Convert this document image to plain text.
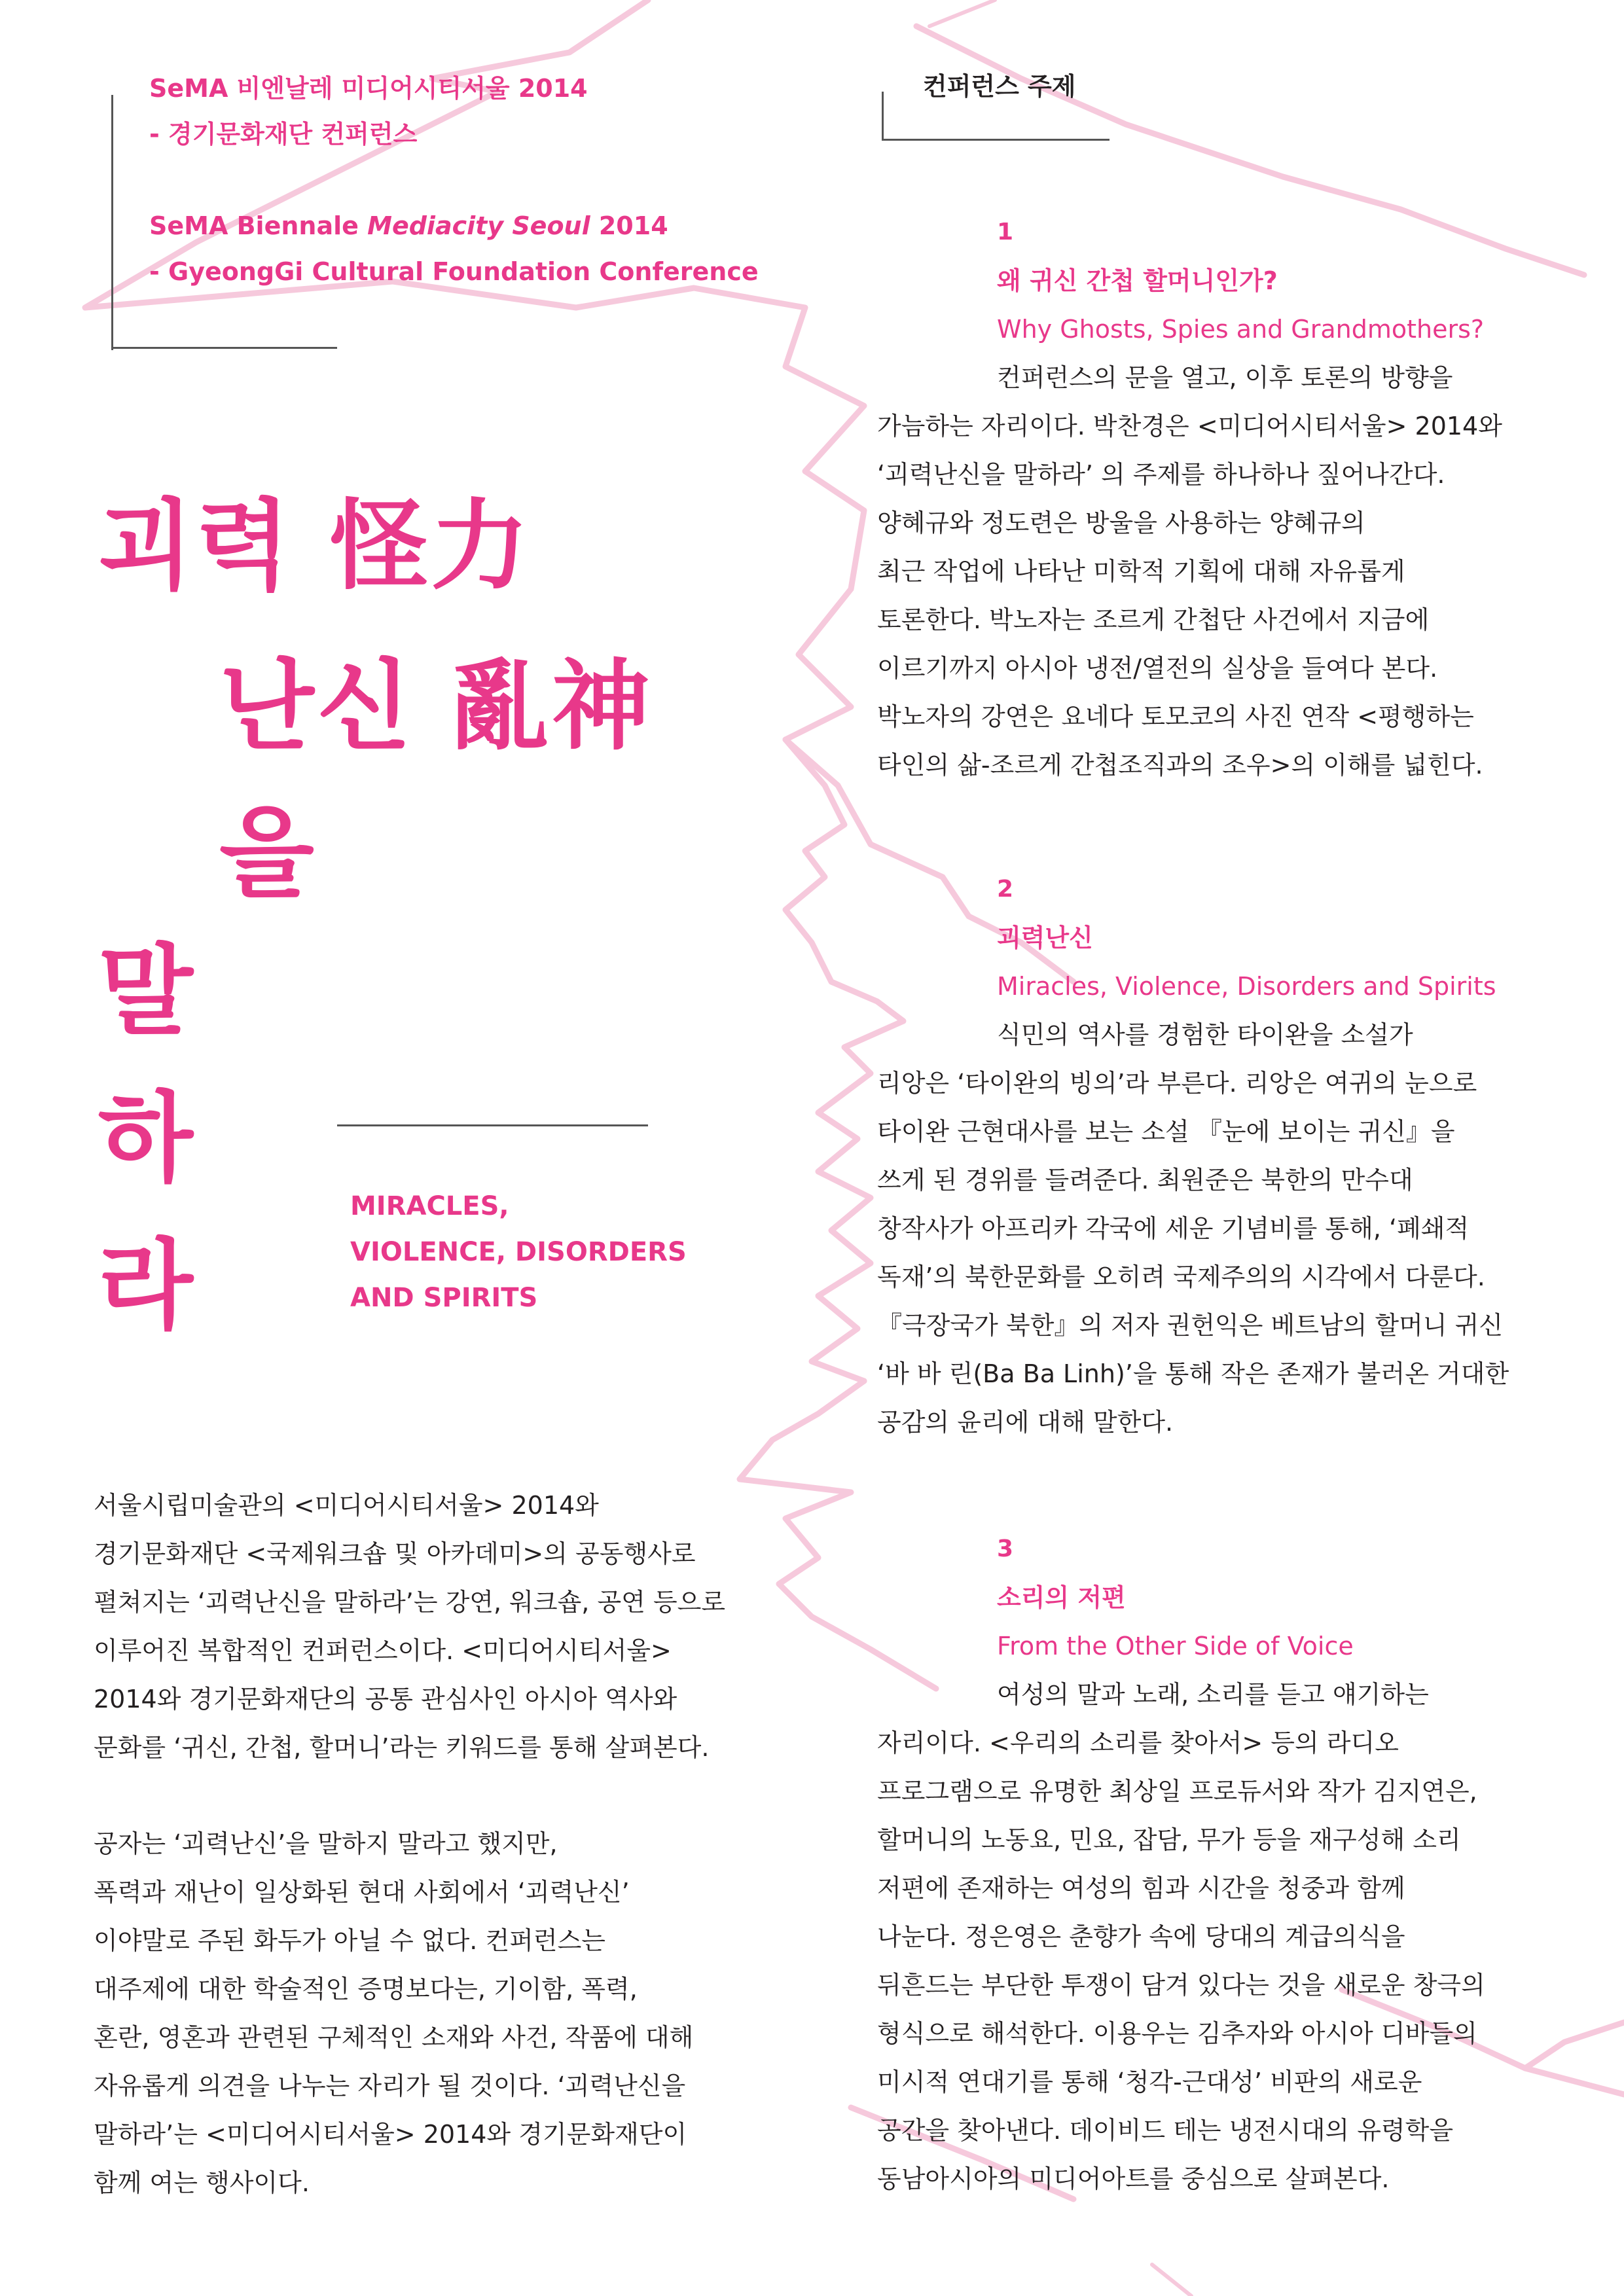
SeMA 비엔날레 미디어시티서울 2014
- 경기문화재단 컨퍼런스
SeMA Biennale Mediacity Seoul 2014
- GyeongGi Cultural Foundation Conference
괴력 怪力
난신 亂神
을
말
하
라
MIRACLES,
VIOLENCE, DISORDERS
AND SPIRITS
서울시립미술관의 <미디어시티서울> 2014와
경기문화재단 <국제워크숍 및 아카데미>의 공동행사로
펼쳐지는 ‘괴력난신을 말하라’는 강연, 워크숍, 공연 등으로
이루어진 복합적인 컨퍼런스이다. <미디어시티서울>
2014와 경기문화재단의 공통 관심사인 아시아 역사와
문화를 ‘귀신, 간첩, 할머니’라는 키워드를 통해 살펴본다.
공자는 ‘괴력난신’을 말하지 말라고 했지만,
폭력과 재난이 일상화된 현대 사회에서 ‘괴력난신’
이야말로 주된 화두가 아닐 수 없다. 컨퍼런스는
대주제에 대한 학술적인 증명보다는, 기이함, 폭력,
혼란, 영혼과 관련된 구체적인 소재와 사건, 작품에 대해
자유롭게 의견을 나누는 자리가 될 것이다. ‘괴력난신을
말하라’는 <미디어시티서울> 2014와 경기문화재단이
함께 여는 행사이다.
컨퍼런스 주제
1
왜 귀신 간첩 할머니인가?
Why Ghosts, Spies and Grandmothers?
컨퍼런스의 문을 열고, 이후 토론의 방향을
가늠하는 자리이다. 박찬경은 <미디어시티서울> 2014와
‘괴력난신을 말하라’ 의 주제를 하나하나 짚어나간다.
양혜규와 정도련은 방울을 사용하는 양혜규의
최근 작업에 나타난 미학적 기획에 대해 자유롭게
토론한다. 박노자는 조르게 간첩단 사건에서 지금에
이르기까지 아시아 냉전/열전의 실상을 들여다 본다.
박노자의 강연은 요네다 토모코의 사진 연작 <평행하는
타인의 삶-조르게 간첩조직과의 조우>의 이해를 넓힌다.
2
괴력난신
Miracles, Violence, Disorders and Spirits
식민의 역사를 경험한 타이완을 소설가
리앙은 ‘타이완의 빙의’라 부른다. 리앙은 여귀의 눈으로
타이완 근현대사를 보는 소설 『눈에 보이는 귀신』을
쓰게 된 경위를 들려준다. 최원준은 북한의 만수대
창작사가 아프리카 각국에 세운 기념비를 통해, ‘폐쇄적
독재’의 북한문화를 오히려 국제주의의 시각에서 다룬다.
『극장국가 북한』의 저자 권헌익은 베트남의 할머니 귀신
‘바 바 린(Ba Ba Linh)’을 통해 작은 존재가 불러온 거대한
공감의 윤리에 대해 말한다.
3
소리의 저편
From the Other Side of Voice
여성의 말과 노래, 소리를 듣고 얘기하는
자리이다. <우리의 소리를 찾아서> 등의 라디오
프로그램으로 유명한 최상일 프로듀서와 작가 김지연은,
할머니의 노동요, 민요, 잡담, 무가 등을 재구성해 소리
저편에 존재하는 여성의 힘과 시간을 청중과 함께
나눈다. 정은영은 춘향가 속에 당대의 계급의식을
뒤흔드는 부단한 투쟁이 담겨 있다는 것을 새로운 창극의
형식으로 해석한다. 이용우는 김추자와 아시아 디바들의
미시적 연대기를 통해 ‘청각-근대성’ 비판의 새로운
공간을 찾아낸다. 데이비드 테는 냉전시대의 유령학을
동남아시아의 미디어아트를 중심으로 살펴본다.
